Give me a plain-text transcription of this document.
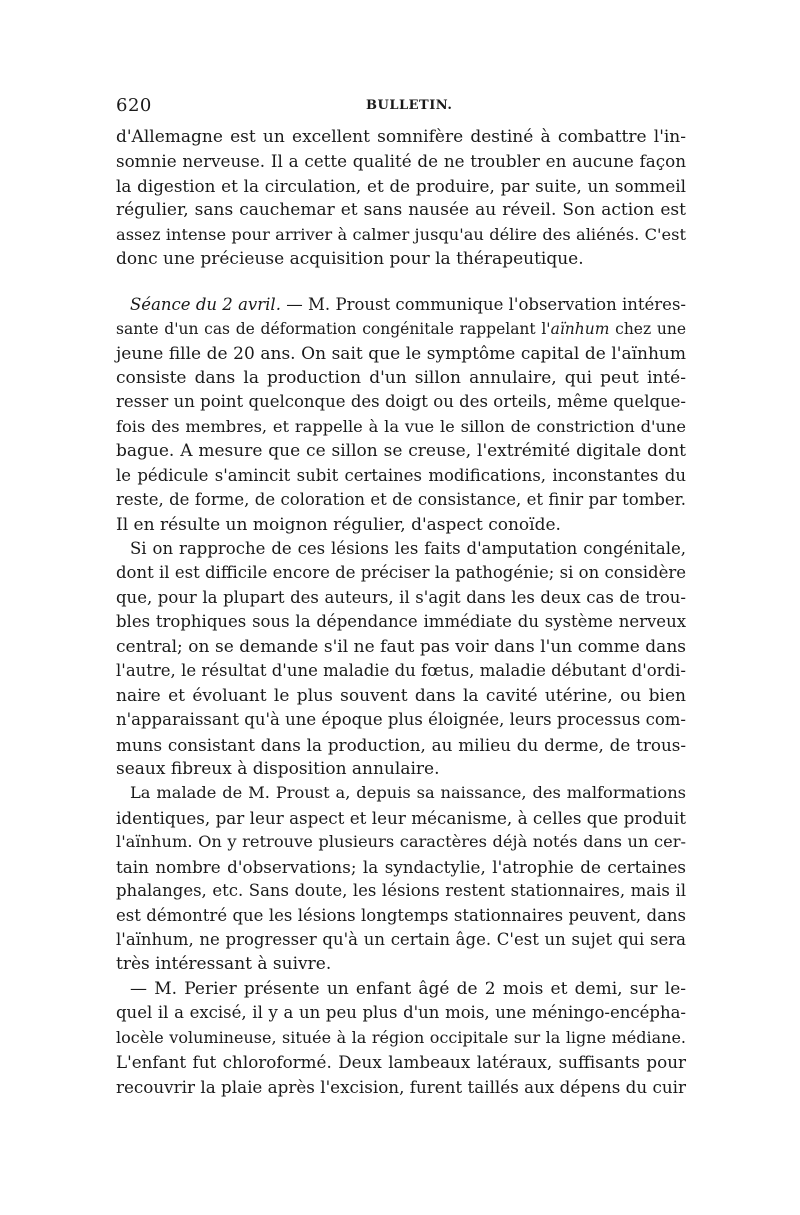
620	BULLETIN.
d'Allemagne est un excellent somnifère destiné à combattre l'in-
somnie nerveuse. Il a cette qualité de ne troubler en aucune façon
la digestion et la circulation, et de produire, par suite, un sommeil
régulier, sans cauchemar et sans nausée au réveil. Son action est
assez intense pour arriver à calmer jusqu'au délire des aliénés. C'est
donc une précieuse acquisition pour la thérapeutique.
Séance du 2 avril. — M. Proust communique l'observation intéres-
sante d'un cas de déformation congénitale rappelant l'aïnhum chez une
jeune fille de 20 ans. On sait que le symptôme capital de l'aïnhum
consiste dans la production d'un sillon annulaire, qui peut inté-
resser un point quelconque des doigt ou des orteils, même quelque-
fois des membres, et rappelle à la vue le sillon de constriction d'une
bague. A mesure que ce sillon se creuse, l'extrémité digitale dont
le pédicule s'amincit subit certaines modifications, inconstantes du
reste, de forme, de coloration et de consistance, et finir par tomber.
Il en résulte un moignon régulier, d'aspect conoïde.
Si on rapproche de ces lésions les faits d'amputation congénitale,
dont il est difficile encore de préciser la pathogénie; si on considère
que, pour la plupart des auteurs, il s'agit dans les deux cas de trou-
bles trophiques sous la dépendance immédiate du système nerveux
central; on se demande s'il ne faut pas voir dans l'un comme dans
l'autre, le résultat d'une maladie du fœtus, maladie débutant d'ordi-
naire et évoluant le plus souvent dans la cavité utérine, ou bien
n'apparaissant qu'à une époque plus éloignée, leurs processus com-
muns consistant dans la production, au milieu du derme, de trous-
seaux fibreux à disposition annulaire.
La malade de M. Proust a, depuis sa naissance, des malformations
identiques, par leur aspect et leur mécanisme, à celles que produit
l'aïnhum. On y retrouve plusieurs caractères déjà notés dans un cer-
tain nombre d'observations; la syndactylie, l'atrophie de certaines
phalanges, etc. Sans doute, les lésions restent stationnaires, mais il
est démontré que les lésions longtemps stationnaires peuvent, dans
l'aïnhum, ne progresser qu'à un certain âge. C'est un sujet qui sera
très intéressant à suivre.
— M. Perier présente un enfant âgé de 2 mois et demi, sur le-
quel il a excisé, il y a un peu plus d'un mois, une méningo-encépha-
locèle volumineuse, située à la région occipitale sur la ligne médiane.
L'enfant fut chloroformé. Deux lambeaux latéraux, suffisants pour
recouvrir la plaie après l'excision, furent taillés aux dépens du cuir
